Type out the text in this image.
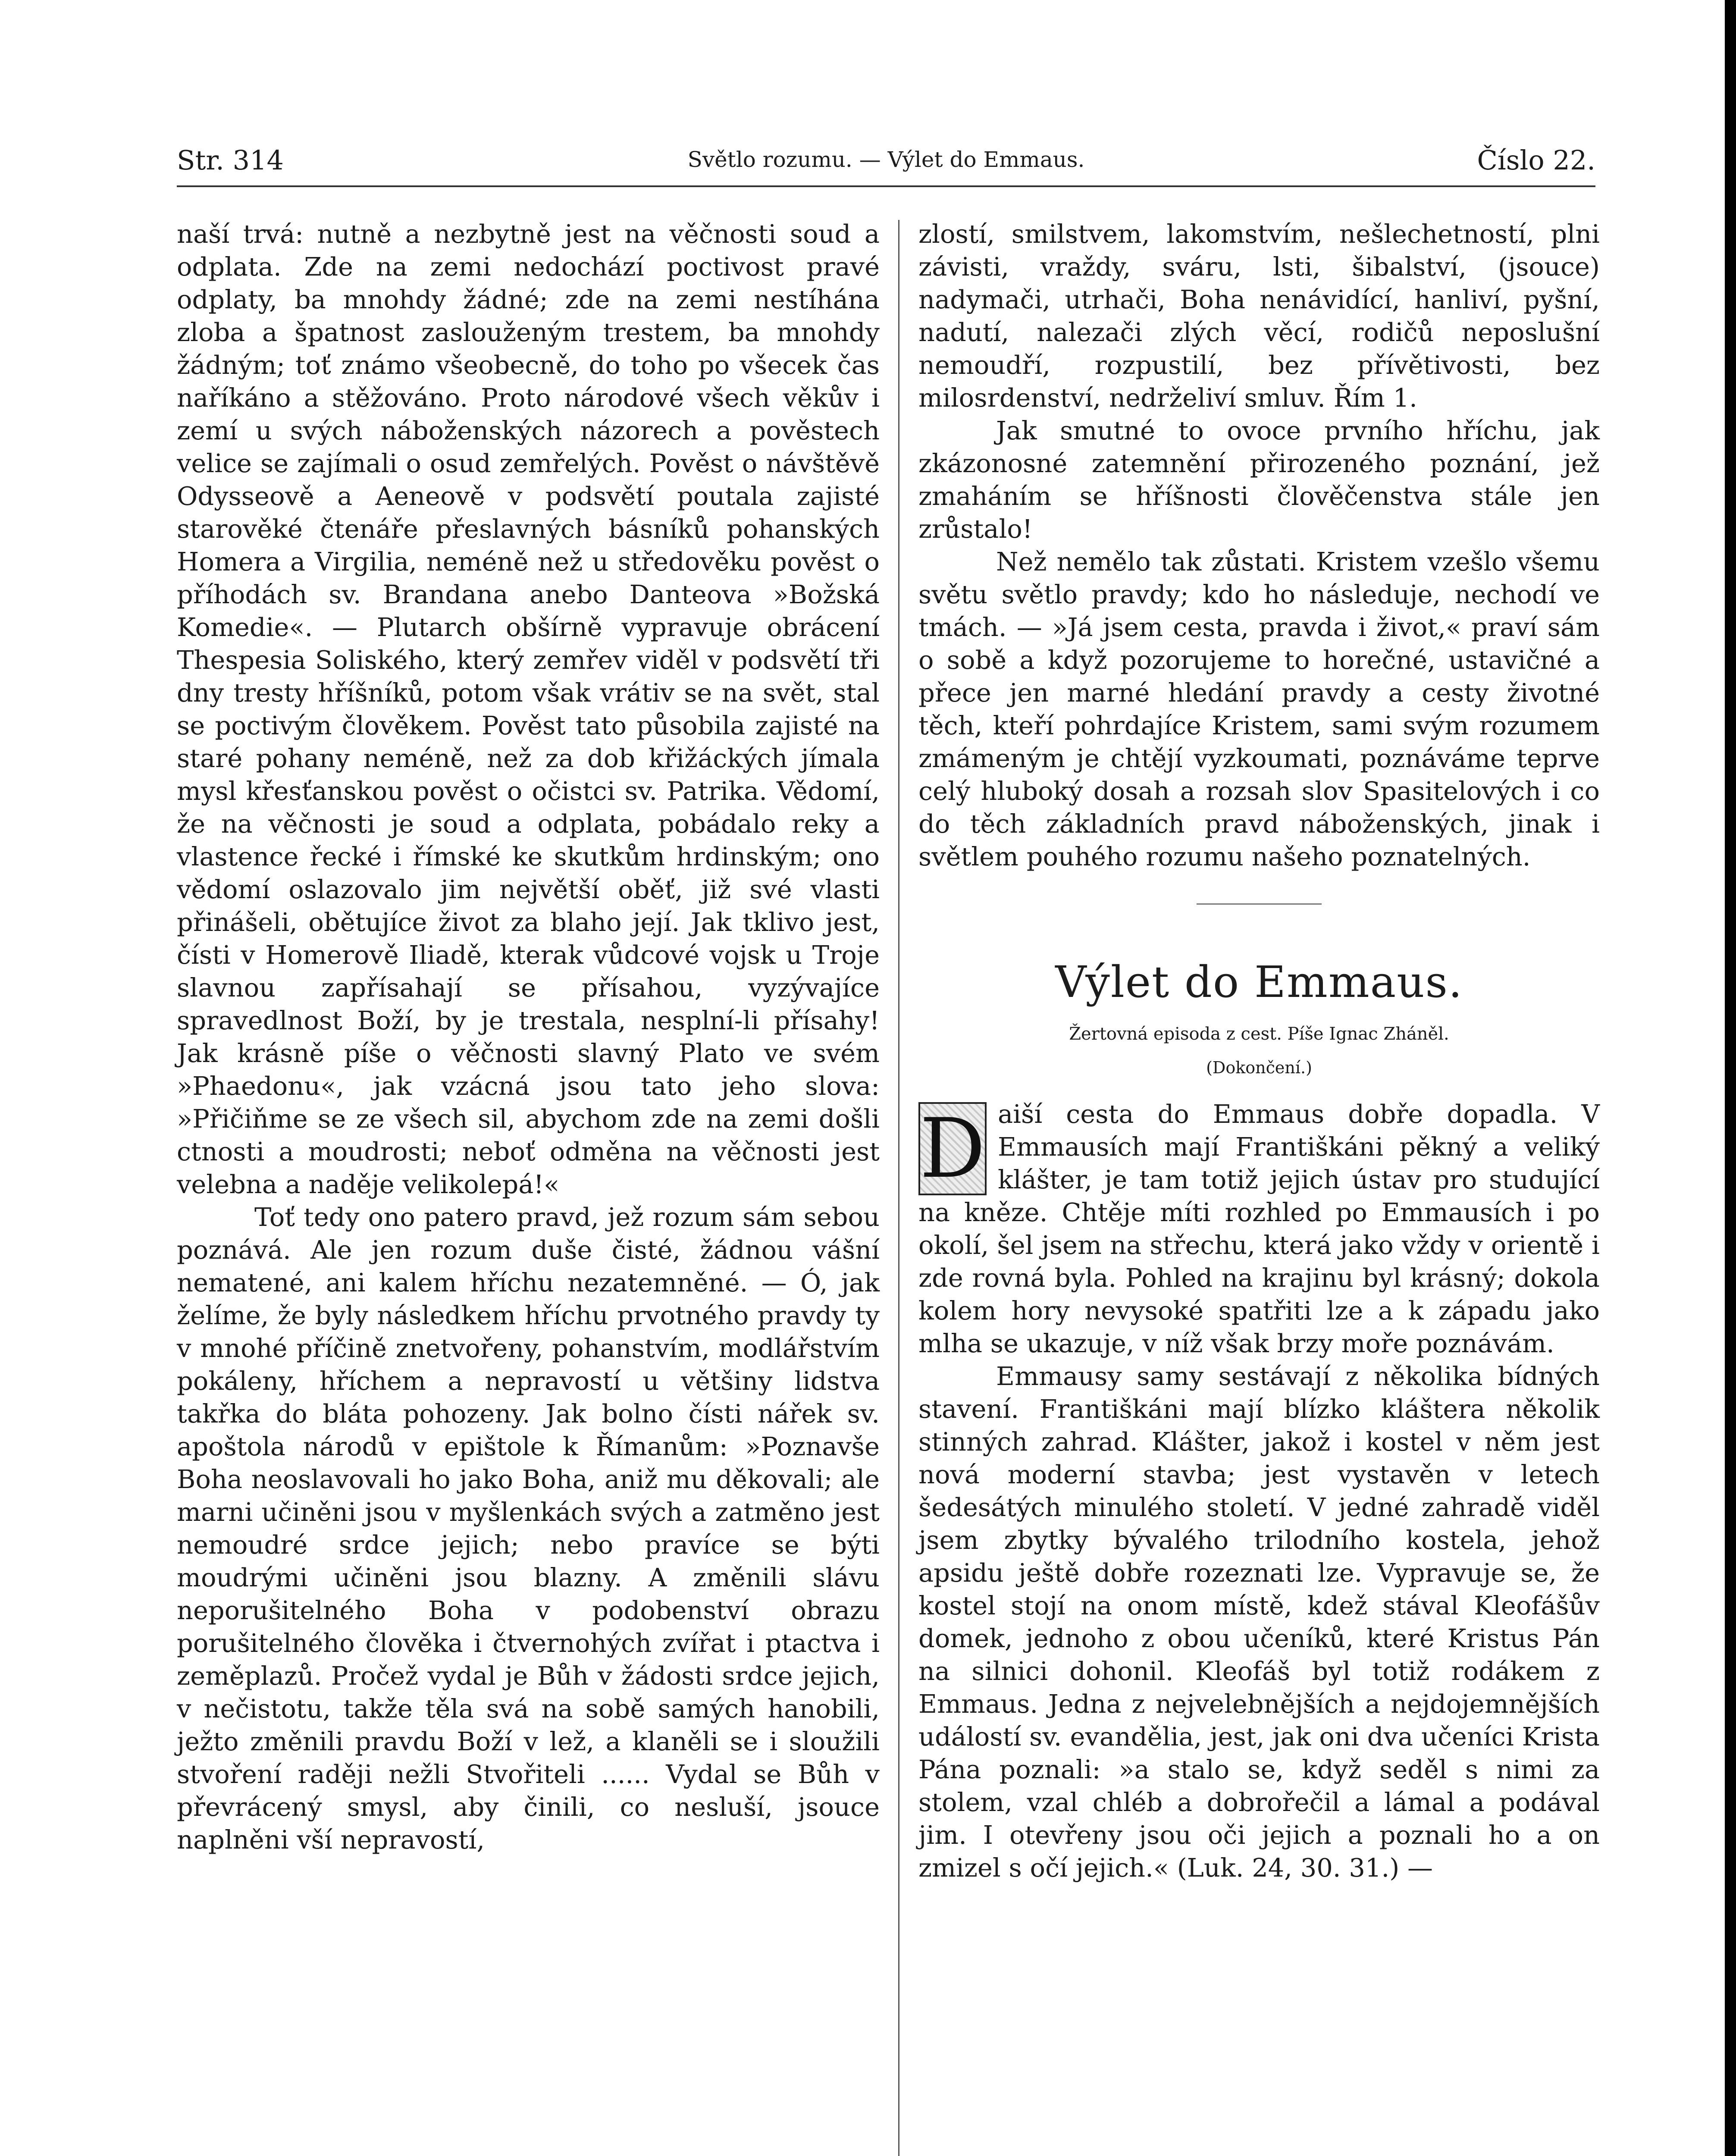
Str. 314	Světlo rozumu. — Výlet do Emmaus.	Číslo 22.

naší trvá: nutně a nezbytně jest na věčnosti soud a odplata. Zde na zemi nedochází poctivost pravé odplaty, ba mnohdy žádné; zde na zemi nestíhána zloba a špatnost zaslouženým trestem, ba mnohdy žádným; toť známo všeobecně, do toho po všecek čas naříkáno a stěžováno. Proto národové všech věkův i zemí u svých náboženských názorech a pověstech velice se zajímali o osud zemřelých. Pověst o návštěvě Odysseově a Aeneově v podsvětí poutala zajisté starověké čtenáře přeslavných básníků pohanských Homera a Virgilia, neméně než u středověku pověst o příhodách sv. Brandana anebo Danteova »Božská Komedie«. — Plutarch obšírně vypravuje obrácení Thespesia Soliského, který zemřev viděl v podsvětí tři dny tresty hříšníků, potom však vrátiv se na svět, stal se poctivým člověkem. Pověst tato působila zajisté na staré pohany neméně, než za dob křižáckých jímala mysl křesťanskou pověst o očistci sv. Patrika. Vědomí, že na věčnosti je soud a odplata, pobádalo reky a vlastence řecké i římské ke skutkům hrdinským; ono vědomí oslazovalo jim největší oběť, již své vlasti přinášeli, obětujíce život za blaho její. Jak tklivo jest, čísti v Homerově Iliadě, kterak vůdcové vojsk u Troje slavnou zapřísahají se přísahou, vyzývajíce spravedlnost Boží, by je trestala, nesplní-li přísahy! Jak krásně píše o věčnosti slavný Plato ve svém »Phaedonu«, jak vzácná jsou tato jeho slova: »Přičiňme se ze všech sil, abychom zde na zemi došli ctnosti a moudrosti; neboť odměna na věčnosti jest velebna a naděje velikolepá!«

Toť tedy ono patero pravd, jež rozum sám sebou poznává. Ale jen rozum duše čisté, žádnou vášní nematené, ani kalem hříchu nezatemněné. — Ó, jak želíme, že byly následkem hříchu prvotného pravdy ty v mnohé příčině znetvořeny, pohanstvím, modlářstvím pokáleny, hříchem a nepravostí u většiny lidstva takřka do bláta pohozeny. Jak bolno čísti nářek sv. apoštola národů v epištole k Římanům: »Poznavše Boha neoslavovali ho jako Boha, aniž mu děkovali; ale marni učiněni jsou v myšlenkách svých a zatměno jest nemoudré srdce jejich; nebo pravíce se býti moudrými učiněni jsou blazny. A změnili slávu neporušitelného Boha v podobenství obrazu porušitelného člověka i čtvernohých zvířat i ptactva i zeměplazů. Pročež vydal je Bůh v žádosti srdce jejich, v nečistotu, takže těla svá na sobě samých hanobili, ježto změnili pravdu Boží v lež, a klaněli se i sloužili stvoření raději nežli Stvořiteli ...... Vydal se Bůh v převrácený smysl, aby činili, co nesluší, jsouce naplněni vší nepravostí,

zlostí, smilstvem, lakomstvím, nešlechetností, plni závisti, vraždy, sváru, lsti, šibalství, (jsouce) nadymači, utrhači, Boha nenávidící, hanliví, pyšní, nadutí, nalezači zlých věcí, rodičů neposlušní nemoudří, rozpustilí, bez přívětivosti, bez milosrdenství, nedrželiví smluv. Řím 1.

Jak smutné to ovoce prvního hříchu, jak zkázonosné zatemnění přirozeného poznání, jež zmaháním se hříšnosti člověčenstva stále jen zrůstalo!

Než nemělo tak zůstati. Kristem vzešlo všemu světu světlo pravdy; kdo ho následuje, nechodí ve tmách. — »Já jsem cesta, pravda i život,« praví sám o sobě a když pozorujeme to horečné, ustavičné a přece jen marné hledání pravdy a cesty životné těch, kteří pohrdajíce Kristem, sami svým rozumem zmámeným je chtějí vyzkoumati, poznáváme teprve celý hluboký dosah a rozsah slov Spasitelových i co do těch základních pravd náboženských, jinak i světlem pouhého rozumu našeho poznatelných.

Výlet do Emmaus.
Žertovná episoda z cest. Píše Ignac Zháněl.
(Dokončení.)

D aiší cesta do Emmaus dobře dopadla. V Emmausích mají Františkáni pěkný a veliký klášter, je tam totiž jejich ústav pro studující na kněze. Chtěje míti rozhled po Emmausích i po okolí, šel jsem na střechu, která jako vždy v orientě i zde rovná byla. Pohled na krajinu byl krásný; dokola kolem hory nevysoké spatřiti lze a k západu jako mlha se ukazuje, v níž však brzy moře poznávám.

Emmausy samy sestávají z několika bídných stavení. Františkáni mají blízko kláštera několik stinných zahrad. Klášter, jakož i kostel v něm jest nová moderní stavba; jest vystavěn v letech šedesátých minulého století. V jedné zahradě viděl jsem zbytky bývalého trilodního kostela, jehož apsidu ještě dobře rozeznati lze. Vypravuje se, že kostel stojí na onom místě, kdež stával Kleofášův domek, jednoho z obou učeníků, které Kristus Pán na silnici dohonil. Kleofáš byl totiž rodákem z Emmaus. Jedna z nejvelebnějších a nejdojemnějších událostí sv. evandělia, jest, jak oni dva učeníci Krista Pána poznali: »a stalo se, když seděl s nimi za stolem, vzal chléb a dobrořečil a lámal a podával jim. I otevřeny jsou oči jejich a poznali ho a on zmizel s očí jejich.« (Luk. 24, 30. 31.) —
